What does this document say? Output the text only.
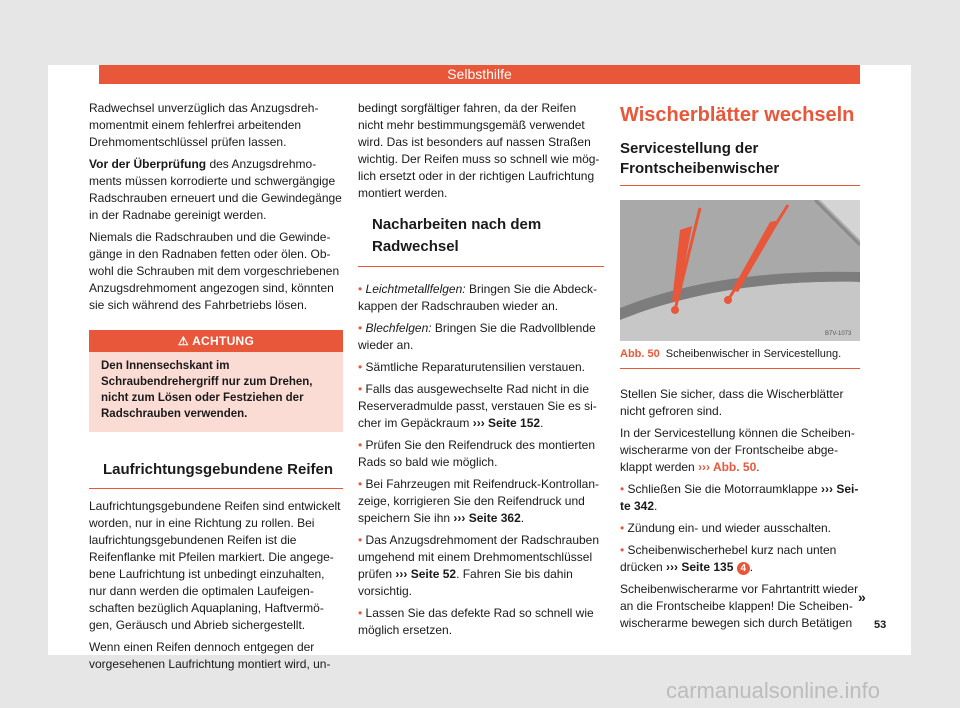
Selbsthilfe

Radwechsel unverzüglich das Anzugsdrehmomentmit einem fehlerfrei arbeitenden Drehmomentschlüssel prüfen lassen.

Vor der Überprüfung des Anzugsdrehmoments müssen korrodierte und schwergängige Radschrauben erneuert und die Gewindegänge in der Radnabe gereinigt werden.

Niemals die Radschrauben und die Gewindegänge in den Radnaben fetten oder ölen. Obwohl die Schrauben mit dem vorgeschriebenen Anzugsdrehmoment angezogen sind, könnten sie sich während des Fahrbetriebs lösen.

⚠ ACHTUNG
Den Innensechskant im Schraubendrehergriff nur zum Drehen, nicht zum Lösen oder Festziehen der Radschrauben verwenden.
Laufrichtungsgebundene Reifen

Laufrichtungsgebundene Reifen sind entwickelt worden, nur in eine Richtung zu rollen. Bei laufrichtungsgebundenen Reifen ist die Reifenflanke mit Pfeilen markiert. Die angegebene Laufrichtung ist unbedingt einzuhalten, nur dann werden die optimalen Laufeigenschaften bezüglich Aquaplaning, Haftvermögen, Geräusch und Abrieb sichergestellt.

Wenn einen Reifen dennoch entgegen der vorgesehenen Laufrichtung montiert wird, un-

bedingt sorgfältiger fahren, da der Reifen nicht mehr bestimmungsgemäß verwendet wird. Das ist besonders auf nassen Straßen wichtig. Der Reifen muss so schnell wie möglich ersetzt oder in der richtigen Laufrichtung montiert werden.

Nacharbeiten nach dem Radwechsel

• Leichtmetallfelgen: Bringen Sie die Abdeckkappen der Radschrauben wieder an.

• Blechfelgen: Bringen Sie die Radvollblende wieder an.

• Sämtliche Reparaturutensilien verstauen.

• Falls das ausgewechselte Rad nicht in die Reserveradmulde passt, verstauen Sie es sicher im Gepäckraum ››› Seite 152.

• Prüfen Sie den Reifendruck des montierten Rads so bald wie möglich.

• Bei Fahrzeugen mit Reifendruck-Kontrollanzeige, korrigieren Sie den Reifendruck und speichern Sie ihn ››› Seite 362.

• Das Anzugsdrehmoment der Radschrauben umgehend mit einem Drehmomentschlüssel prüfen ››› Seite 52. Fahren Sie bis dahin vorsichtig.

• Lassen Sie das defekte Rad so schnell wie möglich ersetzen.

Wischerblätter wechseln
Servicestellung der Frontscheibenwischer
B7V-1073
Abb. 50 Scheibenwischer in Servicestellung.

Stellen Sie sicher, dass die Wischerblätter nicht gefroren sind.

In der Servicestellung können die Scheibenwischerarme von der Frontscheibe abgeklappt werden ››› Abb. 50.

• Schließen Sie die Motorraumklappe ››› Seite 342.

• Zündung ein- und wieder ausschalten.

• Scheibenwischerhebel kurz nach unten drücken ››› Seite 135 4 .

Scheibenwischerarme vor Fahrtantritt wieder an die Frontscheibe klappen! Die Scheibenwischerarme bewegen sich durch Betätigen

»
53
carmanualsonline.info
